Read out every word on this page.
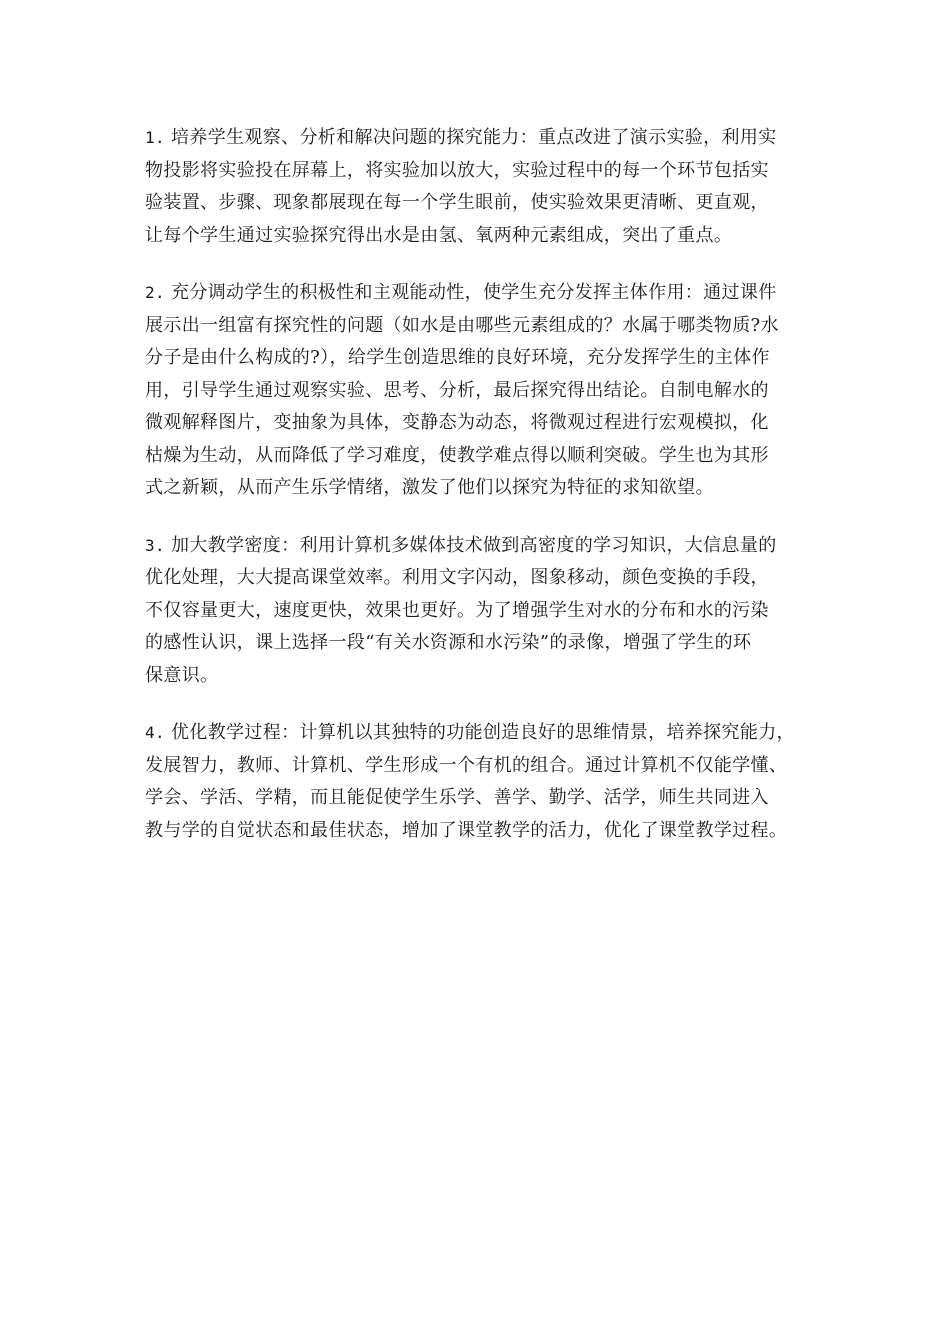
1. 培养学生观察、分析和解决问题的探究能力：重点改进了演示实验，利用实
物投影将实验投在屏幕上，将实验加以放大，实验过程中的每一个环节包括实
验装置、步骤、现象都展现在每一个学生眼前，使实验效果更清晰、更直观，
让每个学生通过实验探究得出水是由氢、氧两种元素组成，突出了重点。
2. 充分调动学生的积极性和主观能动性，使学生充分发挥主体作用：通过课件
展示出一组富有探究性的问题（如水是由哪些元素组成的？水属于哪类物质?水
分子是由什么构成的?），给学生创造思维的良好环境，充分发挥学生的主体作
用，引导学生通过观察实验、思考、分析，最后探究得出结论。自制电解水的
微观解释图片，变抽象为具体，变静态为动态，将微观过程进行宏观模拟，化
枯燥为生动，从而降低了学习难度，使教学难点得以顺利突破。学生也为其形
式之新颖，从而产生乐学情绪，激发了他们以探究为特征的求知欲望。
3. 加大教学密度：利用计算机多媒体技术做到高密度的学习知识，大信息量的
优化处理，大大提高课堂效率。利用文字闪动，图象移动，颜色变换的手段，
不仅容量更大，速度更快，效果也更好。为了增强学生对水的分布和水的污染
的感性认识，课上选择一段“有关水资源和水污染”的录像，增强了学生的环
保意识。
4. 优化教学过程：计算机以其独特的功能创造良好的思维情景，培养探究能力，
发展智力，教师、计算机、学生形成一个有机的组合。通过计算机不仅能学懂、
学会、学活、学精，而且能促使学生乐学、善学、勤学、活学，师生共同进入
教与学的自觉状态和最佳状态，增加了课堂教学的活力，优化了课堂教学过程。
